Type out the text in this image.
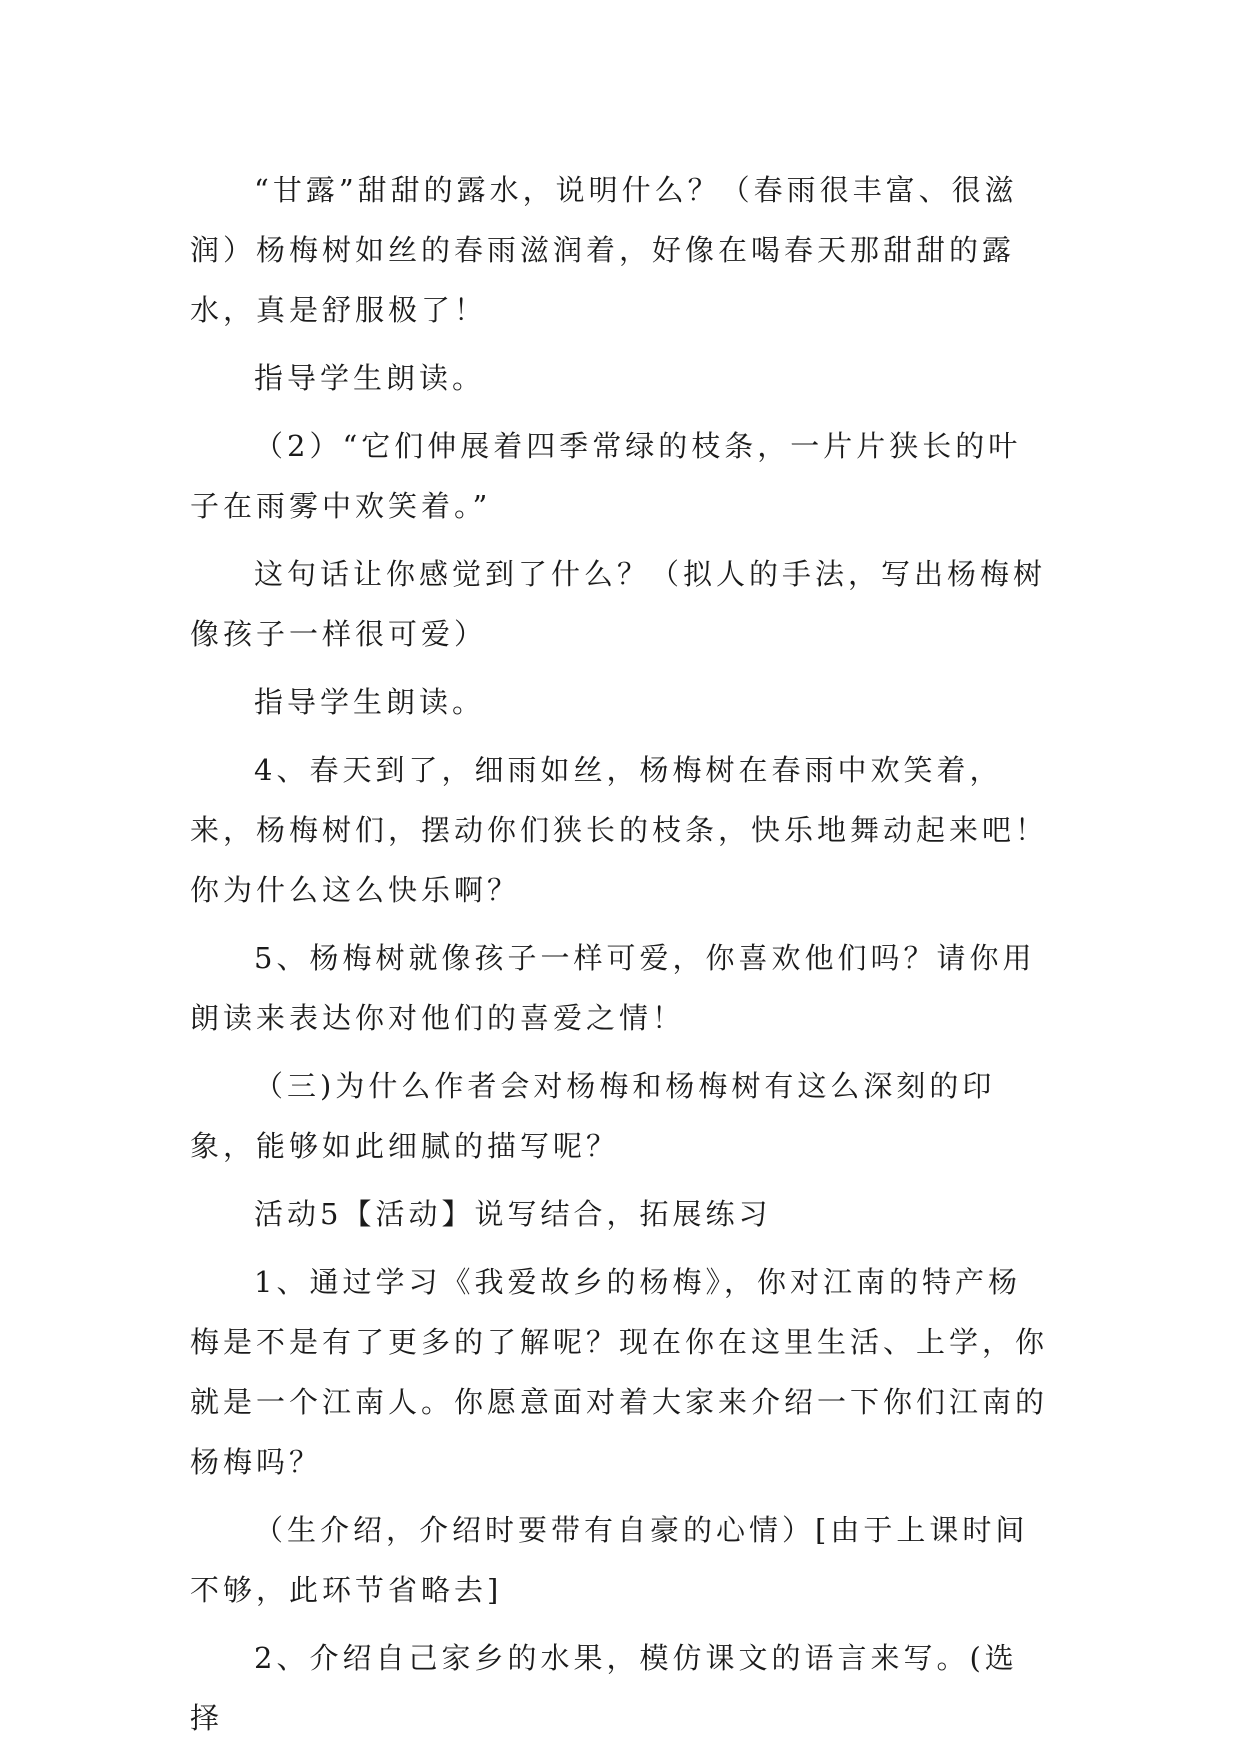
“甘露”甜甜的露水，说明什么？（春雨很丰富、很滋润）杨梅树如丝的春雨滋润着，好像在喝春天那甜甜的露水，真是舒服极了！

指导学生朗读。

（2）“它们伸展着四季常绿的枝条，一片片狭长的叶子在雨雾中欢笑着。”

这句话让你感觉到了什么？（拟人的手法，写出杨梅树像孩子一样很可爱）

指导学生朗读。

4、春天到了，细雨如丝，杨梅树在春雨中欢笑着，来，杨梅树们，摆动你们狭长的枝条，快乐地舞动起来吧！你为什么这么快乐啊？

5、杨梅树就像孩子一样可爱，你喜欢他们吗？请你用朗读来表达你对他们的喜爱之情！

（三)为什么作者会对杨梅和杨梅树有这么深刻的印象，能够如此细腻的描写呢？

活动5【活动】说写结合，拓展练习

1、通过学习《我爱故乡的杨梅》，你对江南的特产杨梅是不是有了更多的了解呢？现在你在这里生活、上学，你就是一个江南人。你愿意面对着大家来介绍一下你们江南的杨梅吗？

（生介绍，介绍时要带有自豪的心情）[由于上课时间不够，此环节省略去]

2、介绍自己家乡的水果，模仿课文的语言来写。(选择
